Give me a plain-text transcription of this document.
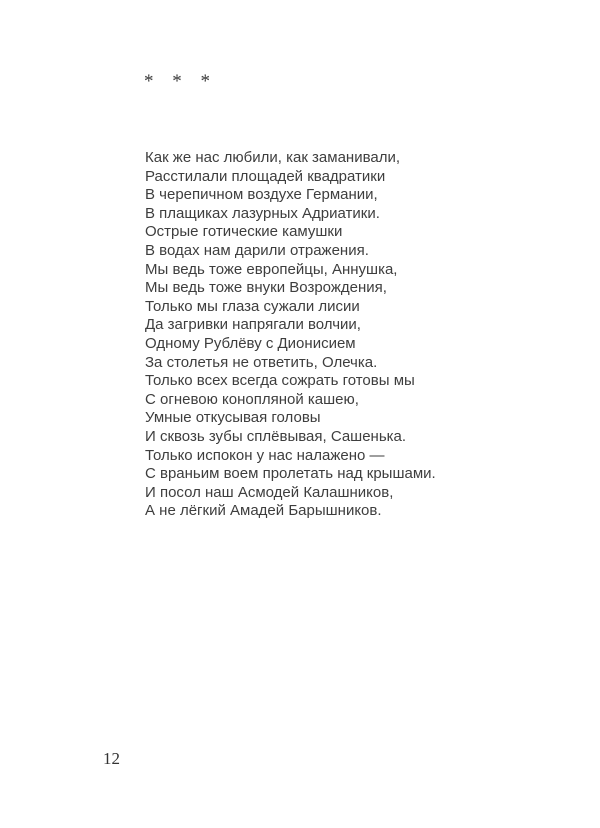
* * *
Как же нас любили, как заманивали,
Расстилали площадей квадратики
В черепичном воздухе Германии,
В плащиках лазурных Адриатики.
Острые готические камушки
В водах нам дарили отражения.
Мы ведь тоже европейцы, Аннушка,
Мы ведь тоже внуки Возрождения,
Только мы глаза сужали лисии
Да загривки напрягали волчии,
Одному Рублёву с Дионисием
За столетья не ответить, Олечка.
Только всех всегда сожрать готовы мы
С огневою конопляной кашею,
Умные откусывая головы
И сквозь зубы сплёвывая, Сашенька.
Только испокон у нас налажено —
С враньим воем пролетать над крышами.
И посол наш Асмодей Калашников,
А не лёгкий Амадей Барышников.
12
